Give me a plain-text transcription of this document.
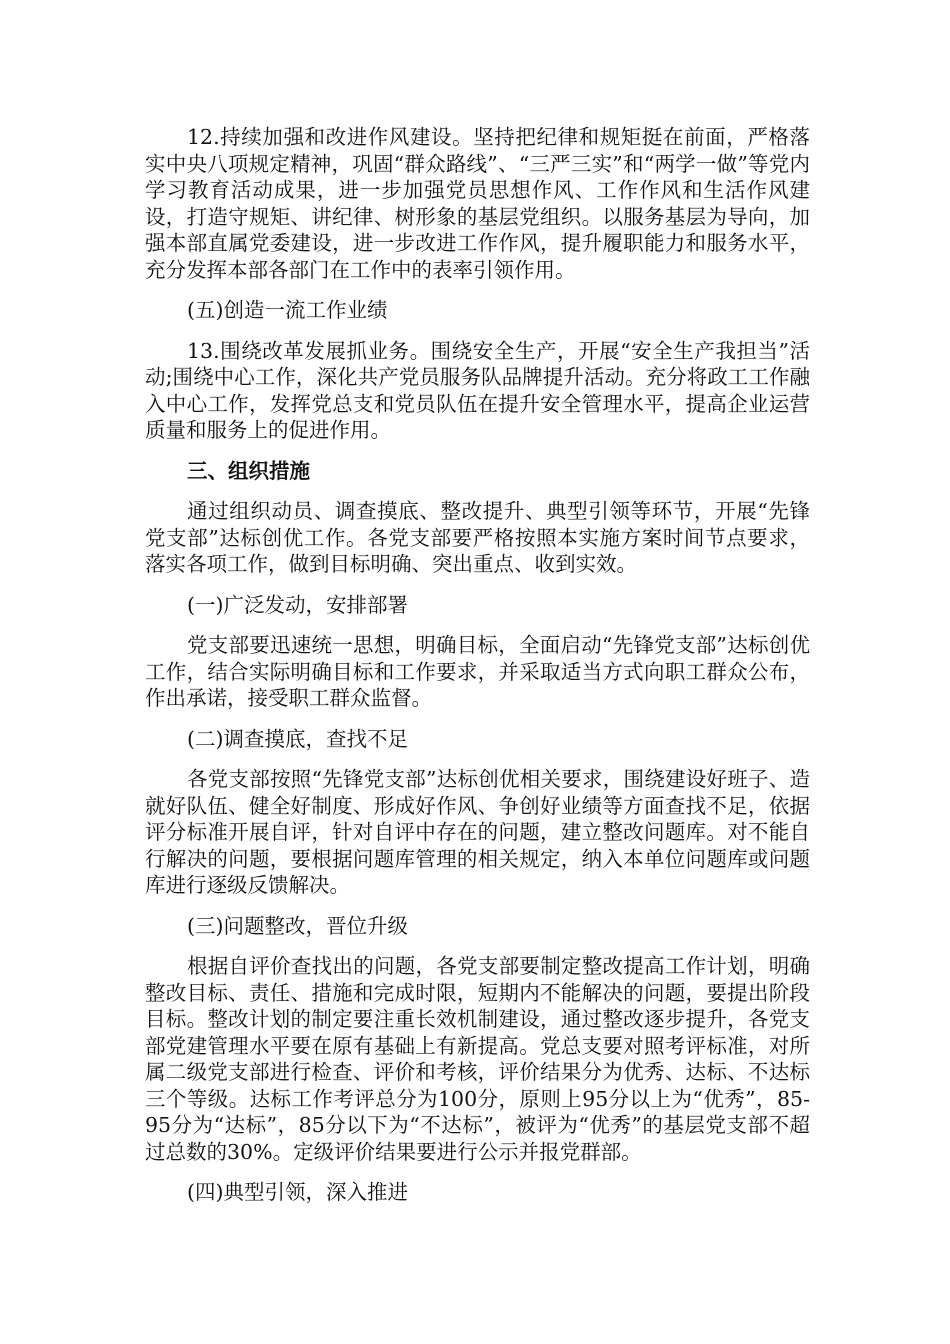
12.持续加强和改进作风建设。坚持把纪律和规矩挺在前面，严格落实中央八项规定精神，巩固“群众路线”、“三严三实”和“两学一做”等党内学习教育活动成果，进一步加强党员思想作风、工作作风和生活作风建设，打造守规矩、讲纪律、树形象的基层党组织。以服务基层为导向，加强本部直属党委建设，进一步改进工作作风，提升履职能力和服务水平，充分发挥本部各部门在工作中的表率引领作用。

(五)创造一流工作业绩

13.围绕改革发展抓业务。围绕安全生产，开展“安全生产我担当”活动;围绕中心工作，深化共产党员服务队品牌提升活动。充分将政工工作融入中心工作，发挥党总支和党员队伍在提升安全管理水平，提高企业运营质量和服务上的促进作用。

三、组织措施

通过组织动员、调查摸底、整改提升、典型引领等环节，开展“先锋党支部”达标创优工作。各党支部要严格按照本实施方案时间节点要求，落实各项工作，做到目标明确、突出重点、收到实效。

(一)广泛发动，安排部署

党支部要迅速统一思想，明确目标，全面启动“先锋党支部”达标创优工作，结合实际明确目标和工作要求，并采取适当方式向职工群众公布，作出承诺，接受职工群众监督。

(二)调查摸底，查找不足

各党支部按照“先锋党支部”达标创优相关要求，围绕建设好班子、造就好队伍、健全好制度、形成好作风、争创好业绩等方面查找不足，依据评分标准开展自评，针对自评中存在的问题，建立整改问题库。对不能自行解决的问题，要根据问题库管理的相关规定，纳入本单位问题库或问题库进行逐级反馈解决。

(三)问题整改，晋位升级

根据自评价查找出的问题，各党支部要制定整改提高工作计划，明确整改目标、责任、措施和完成时限，短期内不能解决的问题，要提出阶段目标。整改计划的制定要注重长效机制建设，通过整改逐步提升，各党支部党建管理水平要在原有基础上有新提高。党总支要对照考评标准，对所属二级党支部进行检查、评价和考核，评价结果分为优秀、达标、不达标三个等级。达标工作考评总分为100分，原则上95分以上为“优秀”，85-95分为“达标”，85分以下为“不达标”，被评为“优秀”的基层党支部不超过总数的30%。定级评价结果要进行公示并报党群部。

(四)典型引领，深入推进
